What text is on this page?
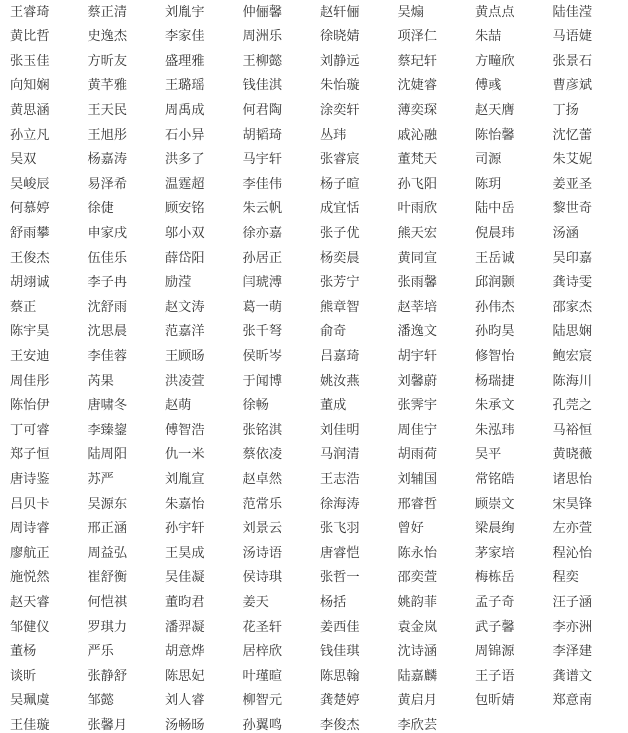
王睿琦	蔡正清	刘胤宇	仲俪馨	赵轩俪	吴煽	黄点点	陆佳滢
黄比哲	史逸杰	李家佳	周洲乐	徐晓婧	项泽仁	朱喆	马语婕
张玉佳	方昕友	盛理雅	王柳懿	刘静远	蔡玘轩	方疃欣	张景石
向知娴	黄芊雅	王璐瑶	钱佳淇	朱怡璇	沈婕睿	傅彧	曹彦斌
黄思涵	王天民	周禹成	何君陶	涂奕轩	薄奕琛	赵天膺	丁扬
孙立凡	王旭彤	石小异	胡韬琦	丛玮	戚沁融	陈怡馨	沈忆蕾
吴双	杨嘉涛	洪多了	马宇轩	张睿宸	董梵天	司源	朱艾妮
吴峻辰	易泽希	温霆超	李佳伟	杨子暄	孙飞阳	陈玥	姜亚圣
何慕婷	徐倢	顾安铭	朱云帆	成宜恬	叶雨欣	陆中岳	黎世奇
舒雨攀	申家戌	邬小双	徐亦嘉	张子优	熊天宏	倪晨玮	汤涵
王俊杰	伍佳乐	薛岱阳	孙居正	杨奕晨	黄同宣	王岳诚	吴印嘉
胡翊诚	李子冉	励滢	闫琥溥	张芳宁	张雨馨	邱润颢	龚诗雯
蔡正	沈舒雨	赵文涛	葛一萌	熊章智	赵莘培	孙伟杰	邵家杰
陈宇昊	沈思晨	范嘉洋	张千弩	俞奇	潘逸文	孙昀昊	陆思娴
王安迪	李佳蓉	王顾旸	侯昕岑	吕嘉琦	胡宇轩	修智怡	鲍宏宸
周佳彤	芮果	洪凌萱	于闻博	姚汝燕	刘馨蔚	杨瑞捷	陈海川
陈怡伊	唐啸冬	赵萌	徐畅	董成	张霁宇	朱承文	孔莞之
丁可睿	李臻鋆	傅智浩	张铭淇	刘佳明	周佳宁	朱泓玮	马裕恒
郑子恒	陆周阳	仇一米	蔡依凌	马润清	胡雨荷	吴平	黄晓薇
唐诗鉴	苏严	刘胤宣	赵卓然	王志浩	刘辅国	常铭皓	诸思怡
吕贝卡	吴源东	朱嘉怡	范常乐	徐海涛	邢睿哲	顾崇文	宋昊锋
周诗睿	邢正涵	孙宇轩	刘景云	张飞羽	曾好	梁晨绚	左亦萱
廖航正	周益弘	王昊成	汤诗语	唐睿恺	陈永怡	茅家培	程沁怡
施悦然	崔舒衡	吴佳凝	侯诗琪	张哲一	邵奕萱	梅栋岳	程奕
赵天睿	何恺祺	董昀君	姜天	杨括	姚韵菲	孟子奇	汪子涵
邹健仪	罗琪力	潘羿凝	花圣轩	姜西佳	袁金岚	武子馨	李亦洲
董杨	严乐	胡意烨	居梓欣	钱佳琪	沈诗涵	周锦源	李泽建
谈昕	张静舒	陈思妃	叶瑾暄	陈思翰	陆嘉麟	王子语	龚谱文
吴珮虞	邹懿	刘人睿	柳智元	龚楚婷	黄启月	包昕婧	郑意南
王佳璇	张馨月	汤畅旸	孙翼鸣	李俊杰	李欣芸
